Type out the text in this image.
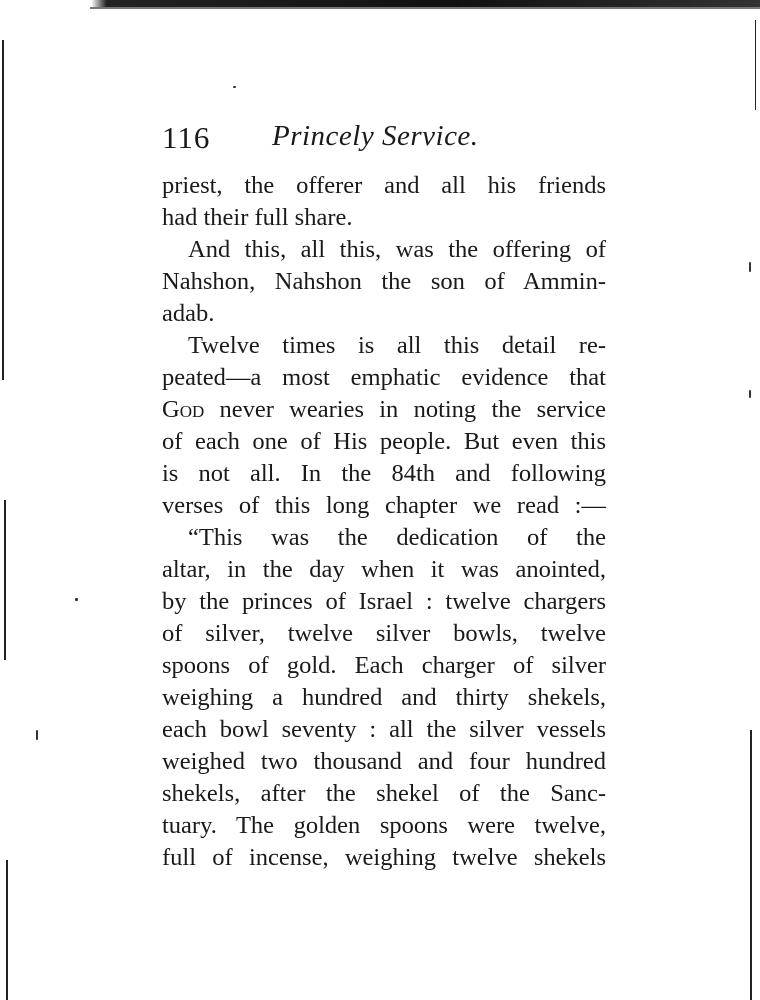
116 Princely Service.
priest, the offerer and all his friends
had their full share.
And this, all this, was the offering of
Nahshon, Nahshon the son of Ammin-
adab.
Twelve times is all this detail re-
peated—a most emphatic evidence that
God never wearies in noting the service
of each one of His people. But even this
is not all. In the 84th and following
verses of this long chapter we read :—
“This was the dedication of the
altar, in the day when it was anointed,
by the princes of Israel : twelve chargers
of silver, twelve silver bowls, twelve
spoons of gold. Each charger of silver
weighing a hundred and thirty shekels,
each bowl seventy : all the silver vessels
weighed two thousand and four hundred
shekels, after the shekel of the Sanc-
tuary. The golden spoons were twelve,
full of incense, weighing twelve shekels
